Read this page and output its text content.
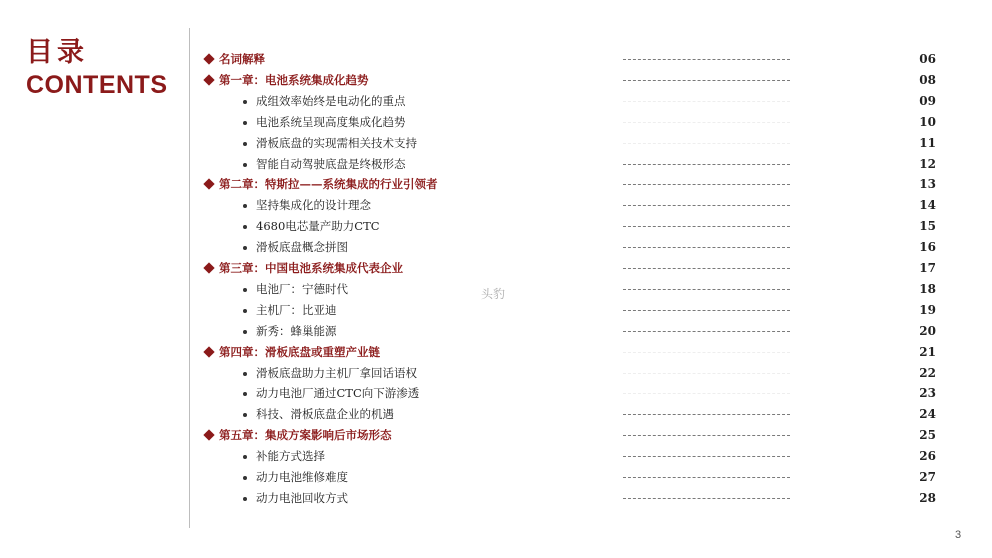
目录
CONTENTS
名词解释	06
第一章：电池系统集成化趋势	08
成组效率始终是电动化的重点	09
电池系统呈现高度集成化趋势	10
滑板底盘的实现需相关技术支持	11
智能自动驾驶底盘是终极形态	12
第二章：特斯拉——系统集成的行业引领者	13
坚持集成化的设计理念	14
4680电芯量产助力CTC	15
滑板底盘概念拼图	16
第三章：中国电池系统集成代表企业	17
电池厂：宁德时代	18
主机厂：比亚迪	19
新秀：蜂巢能源	20
第四章：滑板底盘或重塑产业链	21
滑板底盘助力主机厂拿回话语权	22
动力电池厂通过CTC向下游渗透	23
科技、滑板底盘企业的机遇	24
第五章：集成方案影响后市场形态	25
补能方式选择	26
动力电池维修难度	27
动力电池回收方式	28
头豹
3
